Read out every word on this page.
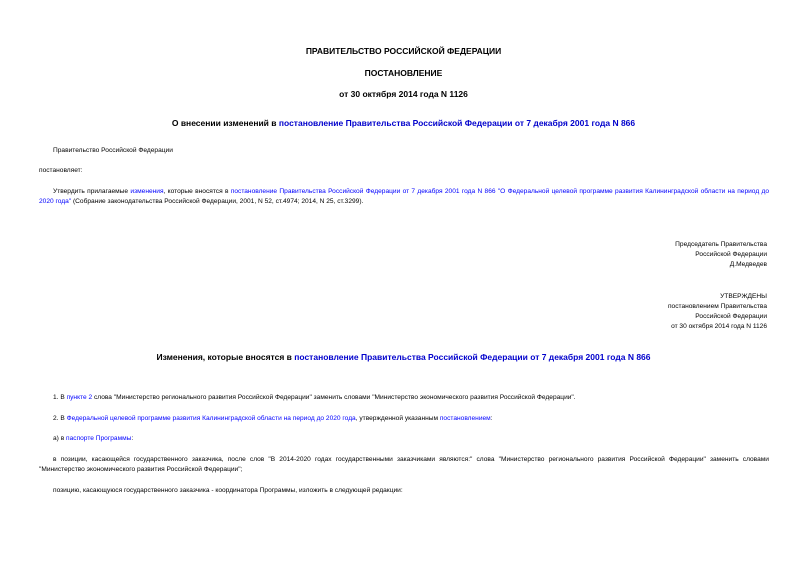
ПРАВИТЕЛЬСТВО РОССИЙСКОЙ ФЕДЕРАЦИИ
ПОСТАНОВЛЕНИЕ
от 30 октября 2014 года N 1126
О внесении изменений в постановление Правительства Российской Федерации от 7 декабря 2001 года N 866
Правительство Российской Федерации
постановляет:
Утвердить прилагаемые изменения, которые вносятся в постановление Правительства Российской Федерации от 7 декабря 2001 года N 866 "О Федеральной целевой программе развития Калининградской области на период до 2020 года" (Собрание законодательства Российской Федерации, 2001, N 52, ст.4974; 2014, N 25, ст.3299).
Председатель Правительства
Российской Федерации
Д.Медведев
УТВЕРЖДЕНЫ
постановлением Правительства
Российской Федерации
от 30 октября 2014 года N 1126
Изменения, которые вносятся в постановление Правительства Российской Федерации от 7 декабря 2001 года N 866
1. В пункте 2 слова "Министерство регионального развития Российской Федерации" заменить словами "Министерство экономического развития Российской Федерации".
2. В Федеральной целевой программе развития Калининградской области на период до 2020 года, утвержденной указанным постановлением:
а) в паспорте Программы:
в позиции, касающейся государственного заказчика, после слов "В 2014-2020 годах государственными заказчиками являются:" слова "Министерство регионального развития Российской Федерации" заменить словами "Министерство экономического развития Российской Федерации";
позицию, касающуюся государственного заказчика - координатора Программы, изложить в следующей редакции:
